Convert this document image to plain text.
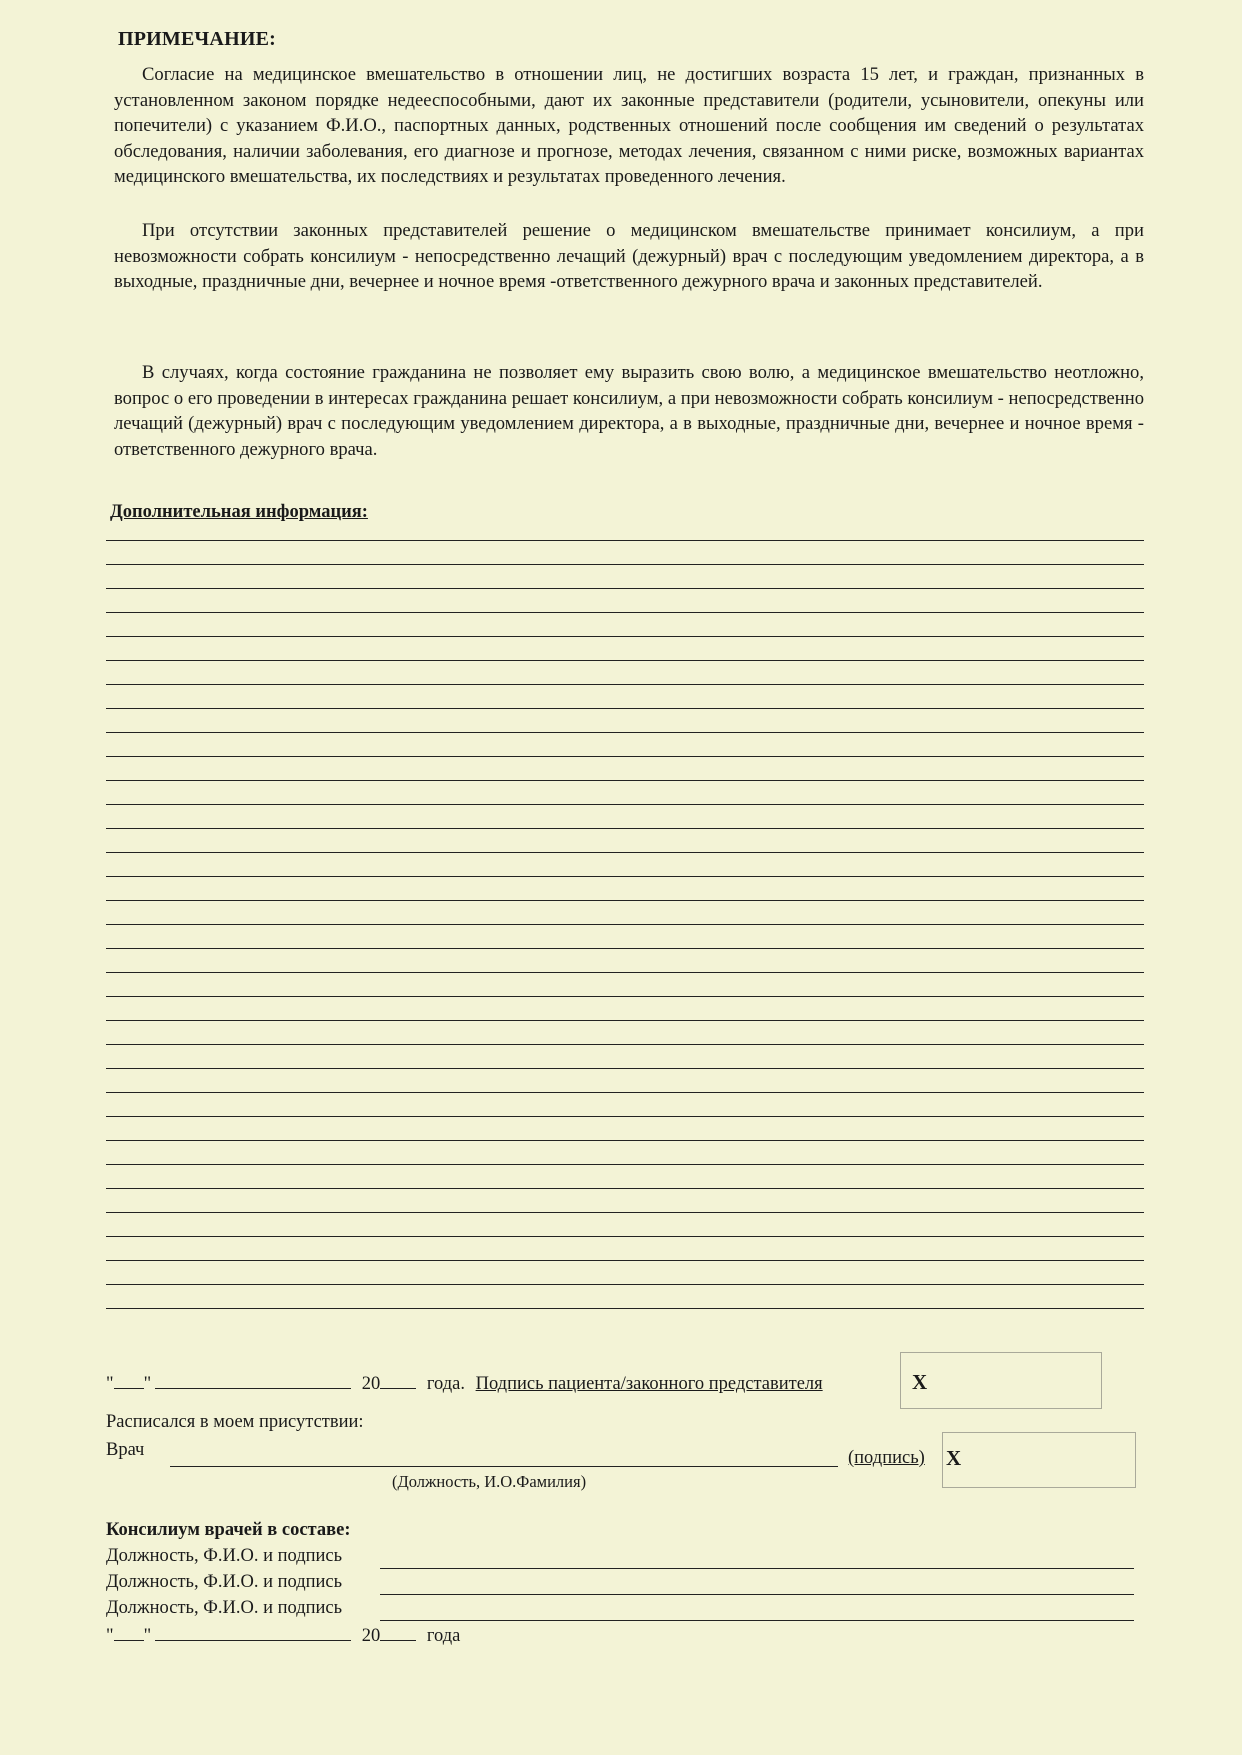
ПРИМЕЧАНИЕ:

Согласие на медицинское вмешательство в отношении лиц, не достигших возраста 15 лет, и граждан, признанных в установленном законом порядке недееспособными, дают их законные представители (родители, усыновители, опекуны или попечители) с указанием Ф.И.О., паспортных данных, родственных отношений после сообщения им сведений о результатах обследования, наличии заболевания, его диагнозе и прогнозе, методах лечения, связанном с ними риске, возможных вариантах медицинского вмешательства, их последствиях и результатах проведенного лечения.

При отсутствии законных представителей решение о медицинском вмешательстве принимает консилиум, а при невозможности собрать консилиум - непосредственно лечащий (дежурный) врач с последующим уведомлением директора, а в выходные, праздничные дни, вечернее и ночное время -ответственного дежурного врача и законных представителей.

В случаях, когда состояние гражданина не позволяет ему выразить свою волю, а медицинское вмешательство неотложно, вопрос о его проведении в интересах гражданина решает консилиум, а при невозможности собрать консилиум - непосредственно лечащий (дежурный) врач с последующим уведомлением директора, а в выходные, праздничные дни, вечернее и ночное время - ответственного дежурного врача.

Дополнительная информация:
" "	20	года. Подпись пациента/законного представителя	X
Расписался в моем присутствии:
Врач
(Должность, И.О.Фамилия)
(подпись) X
Консилиум врачей в составе:
Должность, Ф.И.О. и подпись
Должность, Ф.И.О. и подпись
Должность, Ф.И.О. и подпись
" "	20	года
